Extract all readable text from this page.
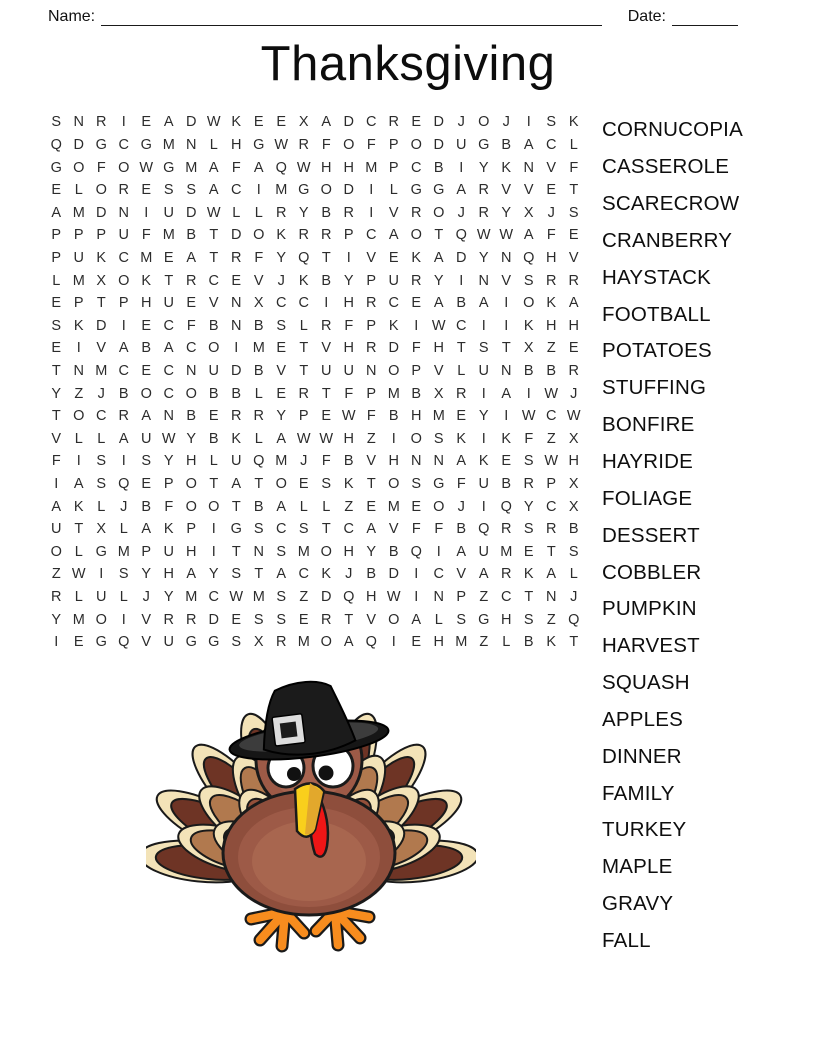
Name:	Date:
Thanksgiving
S N R	I	E A D W K E E X A D C R E D J O J	I	S K
Q D G C G M N L H G W R F O F P O D U G B A C L
G O F O W G M A F A Q W H H M P C B	I	Y K N V F
E L O R E S S A C	I M G O D	I	L G G A R V V E T
A M D N	I	U D W L L R Y B R	I	V R O J R Y X J S
P P P U F M B T D O K R R P C A O T Q W W A F E
P U K C M E A T R F Y Q T	I	V E K A D Y N Q H V
L M X O K T R C E V J K B Y P U R Y	I	N V S R R
E P T P H U E V N X C C	I	H R C E A B A	I	O K A
S K D	I	E C F B N B S L R F P K	I W C	I	I	K H H
E	I	V A B A C O	I M E T V H R D F H T S T X Z E
T N M C E C N U D B V T U U N O P V L U N B B R
Y Z J B O C O B B L E R T F P M B X R	I	A	I W J
T O C R A N B E R R Y P E W F B H M E Y	I W C W
V L L A U W Y B K L A W W H Z	I	O S K	I	K F Z X
F	I	S	I	S Y H L U Q M J F B V H N N A K E S W H
I	A S Q E P O T A T O E S K T O S G F U B R P X
A K L	J B F O O T B A L L Z E M E O J	I	Q Y C X
U T X L A K P	I	G S C S T C A V F F B Q R S R B
O L G M P U H	I	T N S M O H Y B Q	I	A U M E T S
Z W I	S Y H A Y S T A C K J B D	I	C V A R K A L
R L U L	J Y M C W M S Z D Q H W I	N P Z C T N J
Y M O	I	V R R D E S S E R T V O A L S G H S Z Q
I	E G Q V U G G S X R M O A Q	I	E H M Z L B K T
CORNUCOPIA
CASSEROLE
SCARECROW
CRANBERRY
HAYSTACK
FOOTBALL
POTATOES
STUFFING
BONFIRE
HAYRIDE
FOLIAGE
DESSERT
COBBLER
PUMPKIN
HARVEST
SQUASH
APPLES
DINNER
FAMILY
TURKEY
MAPLE
GRAVY
FALL
